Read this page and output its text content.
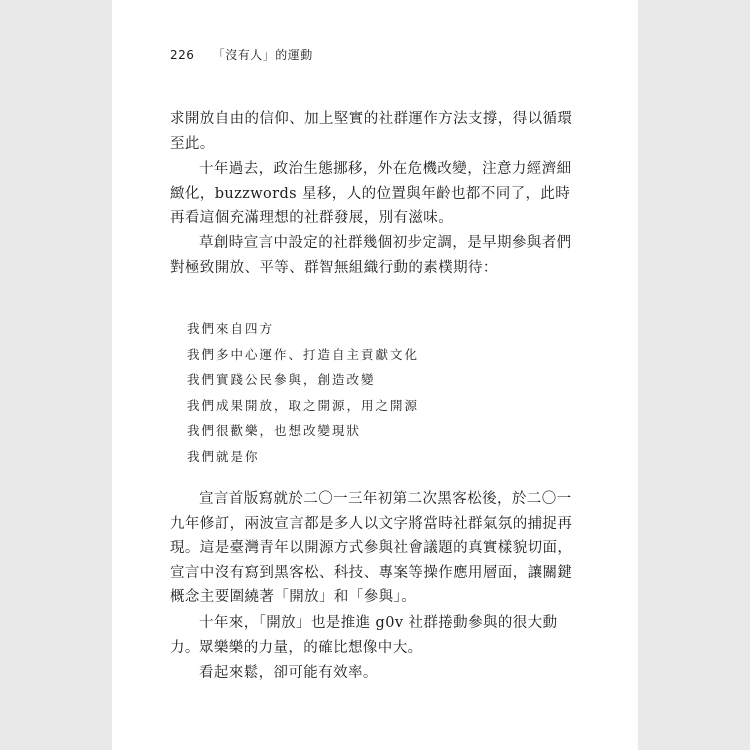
226 「沒有人」的運動

求開放自由的信仰、加上堅實的社群運作方法支撐，得以循環至此。

十年過去，政治生態挪移，外在危機改變，注意力經濟細緻化，buzzwords 星移，人的位置與年齡也都不同了，此時再看這個充滿理想的社群發展，別有滋味。

草創時宣言中設定的社群幾個初步定調，是早期參與者們對極致開放、平等、群智無組織行動的素樸期待：

我們來自四方
我們多中心運作、打造自主貢獻文化
我們實踐公民參與，創造改變
我們成果開放，取之開源，用之開源
我們很歡樂，也想改變現狀
我們就是你

宣言首版寫就於二〇一三年初第二次黑客松後，於二〇一九年修訂，兩波宣言都是多人以文字將當時社群氣氛的捕捉再現。這是臺灣青年以開源方式參與社會議題的真實樣貌切面，宣言中沒有寫到黑客松、科技、專案等操作應用層面，讓關鍵概念主要圍繞著「開放」和「參與」。

十年來，「開放」也是推進 g0v 社群捲動參與的很大動力。 眾樂樂的力量，的確比想像中大。

看起來鬆，卻可能有效率。
